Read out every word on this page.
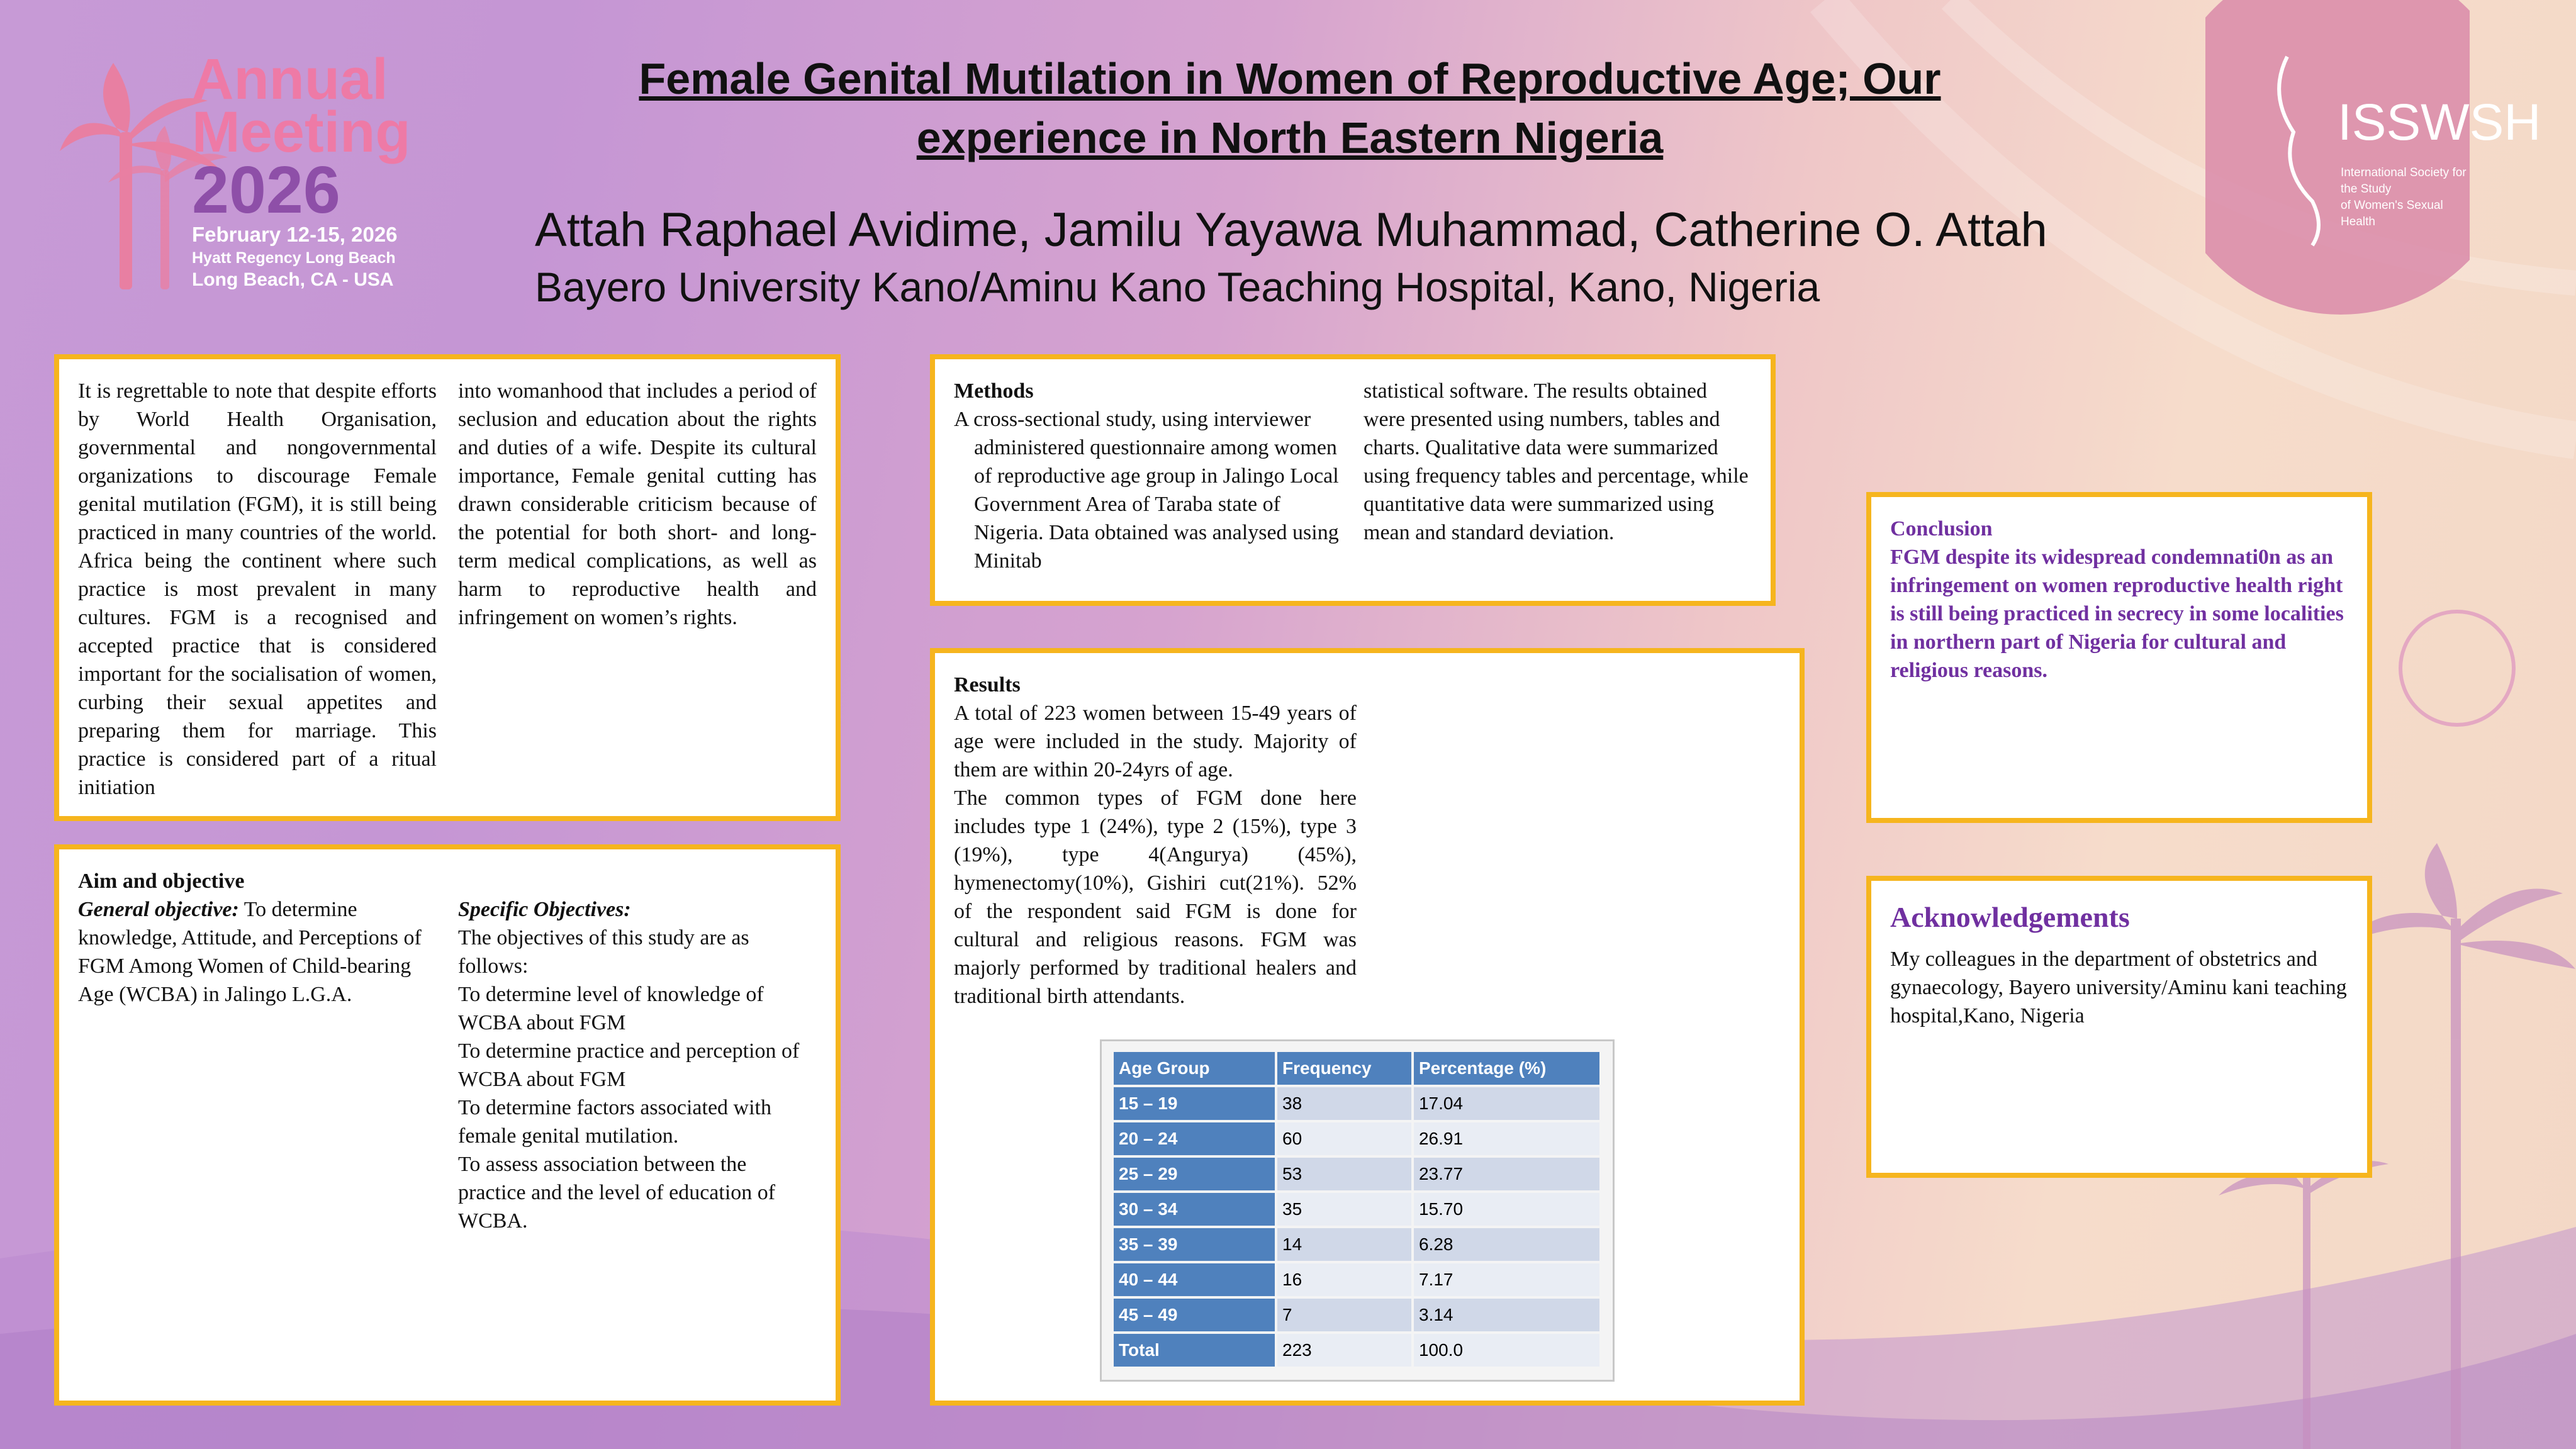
Annual
Meeting
2026
February 12-15, 2026
Hyatt Regency Long Beach
Long Beach, CA - USA
ISSWSH
International Society for the Study
of Women's Sexual Health
Female Genital Mutilation in Women of Reproductive Age; Our
experience in North Eastern Nigeria
Attah Raphael Avidime, Jamilu Yayawa Muhammad, Catherine O. Attah
Bayero University Kano/Aminu Kano Teaching Hospital, Kano, Nigeria
It is regrettable to note that despite efforts by World Health Organisation, governmental and nongovernmental organizations to discourage Female genital mutilation (FGM), it is still being practiced in many countries of the world. Africa being the continent where such practice is most prevalent in many cultures. FGM is a recognised and accepted practice that is considered important for the socialisation of women, curbing their sexual appetites and preparing them for marriage. This practice is considered part of a ritual initiation
into womanhood that includes a period of seclusion and education about the rights and duties of a wife. Despite its cultural importance, Female genital cutting has drawn considerable criticism because of the potential for both short- and long-term medical complications, as well as harm to reproductive health and infringement on women’s rights.
Aim and objective
General objective: To determine knowledge, Attitude, and Perceptions of FGM Among Women of Child-bearing Age (WCBA) in Jalingo L.G.A.
Specific Objectives:
The objectives of this study are as follows:
To determine level of knowledge of WCBA about FGM
To determine practice and perception of WCBA about FGM
To determine factors associated with female genital mutilation.
To assess association between the practice and the level of education of WCBA.
Methods
A cross-sectional study, using interviewer administered questionnaire among women of reproductive age group in Jalingo Local Government Area of Taraba state of Nigeria. Data obtained was analysed using Minitab
statistical software. The results obtained were presented using numbers, tables and charts. Qualitative data were summarized using frequency tables and percentage, while quantitative data were summarized using mean and standard deviation.
Results
A total of 223 women between 15-49 years of age were included in the study. Majority of them are within 20-24yrs of age.
The common types of FGM done here includes type 1 (24%), type 2 (15%), type 3 (19%), type 4(Angurya) (45%), hymenectomy(10%), Gishiri cut(21%). 52% of the respondent said FGM is done for cultural and religious reasons. FGM was majorly performed by traditional healers and traditional birth attendants.
Age Group	Frequency	Percentage (%)
15 – 19	38	17.04
20 – 24	60	26.91
25 – 29	53	23.77
30 – 34	35	15.70
35 – 39	14	6.28
40 – 44	16	7.17
45 – 49	7	3.14
Total	223	100.0
Conclusion
FGM despite its widespread condemnati0n as an infringement on women reproductive health right is still being practiced in secrecy in some localities in northern part of Nigeria for cultural and religious reasons.
Acknowledgements
My colleagues in the department of obstetrics and gynaecology, Bayero university/Aminu kani teaching hospital,Kano, Nigeria
